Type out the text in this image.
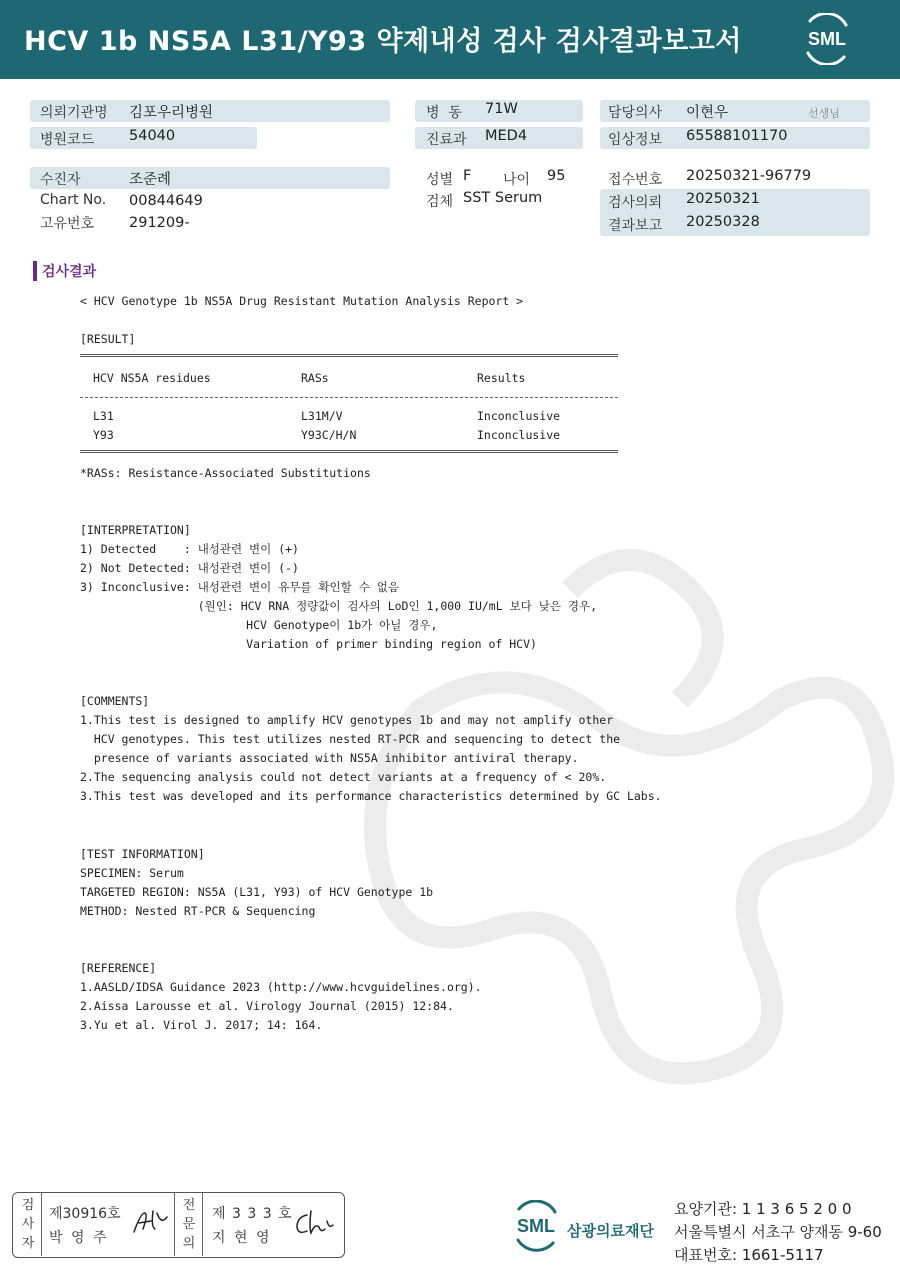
HCV 1b NS5A L31/Y93 약제내성 검사 검사결과보고서	SML
의뢰기관명 김포우리병원
병원코드 54040
병  동 71W
진료과 MED4
담당의사 이현우	선생님
임상정보 65588101170
수진자	조준례
Chart No. 00844649
고유번호 291209-
성별 F 나이 95
검체 SST Serum
접수번호 20250321-96779
검사의뢰 20250321
결과보고 20250328
검사결과
< HCV Genotype 1b NS5A Drug Resistant Mutation Analysis Report >
[RESULT]
HCV NS5A residues	RASs	Results
L31	L31M/V	Inconclusive
Y93	Y93C/H/N	Inconclusive
*RASs: Resistance-Associated Substitutions
[INTERPRETATION]
1) Detected    : 내성관련 변이 (+)
2) Not Detected: 내성관련 변이 (-)
3) Inconclusive: 내성관련 변이 유무를 확인할 수 없음
(원인: HCV RNA 정량값이 검사의 LoD인 1,000 IU/mL 보다 낮은 경우,
HCV Genotype이 1b가 아닐 경우,
Variation of primer binding region of HCV)
[COMMENTS]
1.This test is designed to amplify HCV genotypes 1b and may not amplify other
HCV genotypes. This test utilizes nested RT-PCR and sequencing to detect the
presence of variants associated with NS5A inhibitor antiviral therapy.
2.The sequencing analysis could not detect variants at a frequency of < 20%.
3.This test was developed and its performance characteristics determined by GC Labs.
[TEST INFORMATION]
SPECIMEN: Serum
TARGETED REGION: NS5A (L31, Y93) of HCV Genotype 1b
METHOD: Nested RT-PCR & Sequencing
[REFERENCE]
1.AASLD/IDSA Guidance 2023 (http://www.hcvguidelines.org).
2.Aissa Larousse et al. Virology Journal (2015) 12:84.
3.Yu et al. Virol J. 2017; 14: 164.
검사자
제30916호
박 영 주
전문의
제 3 3 3 호
지 현 영
SML 삼광의료재단
요양기관: 1 1 3 6 5 2 0 0
서울특별시 서초구 양재동 9-60
대표번호: 1661-5117
